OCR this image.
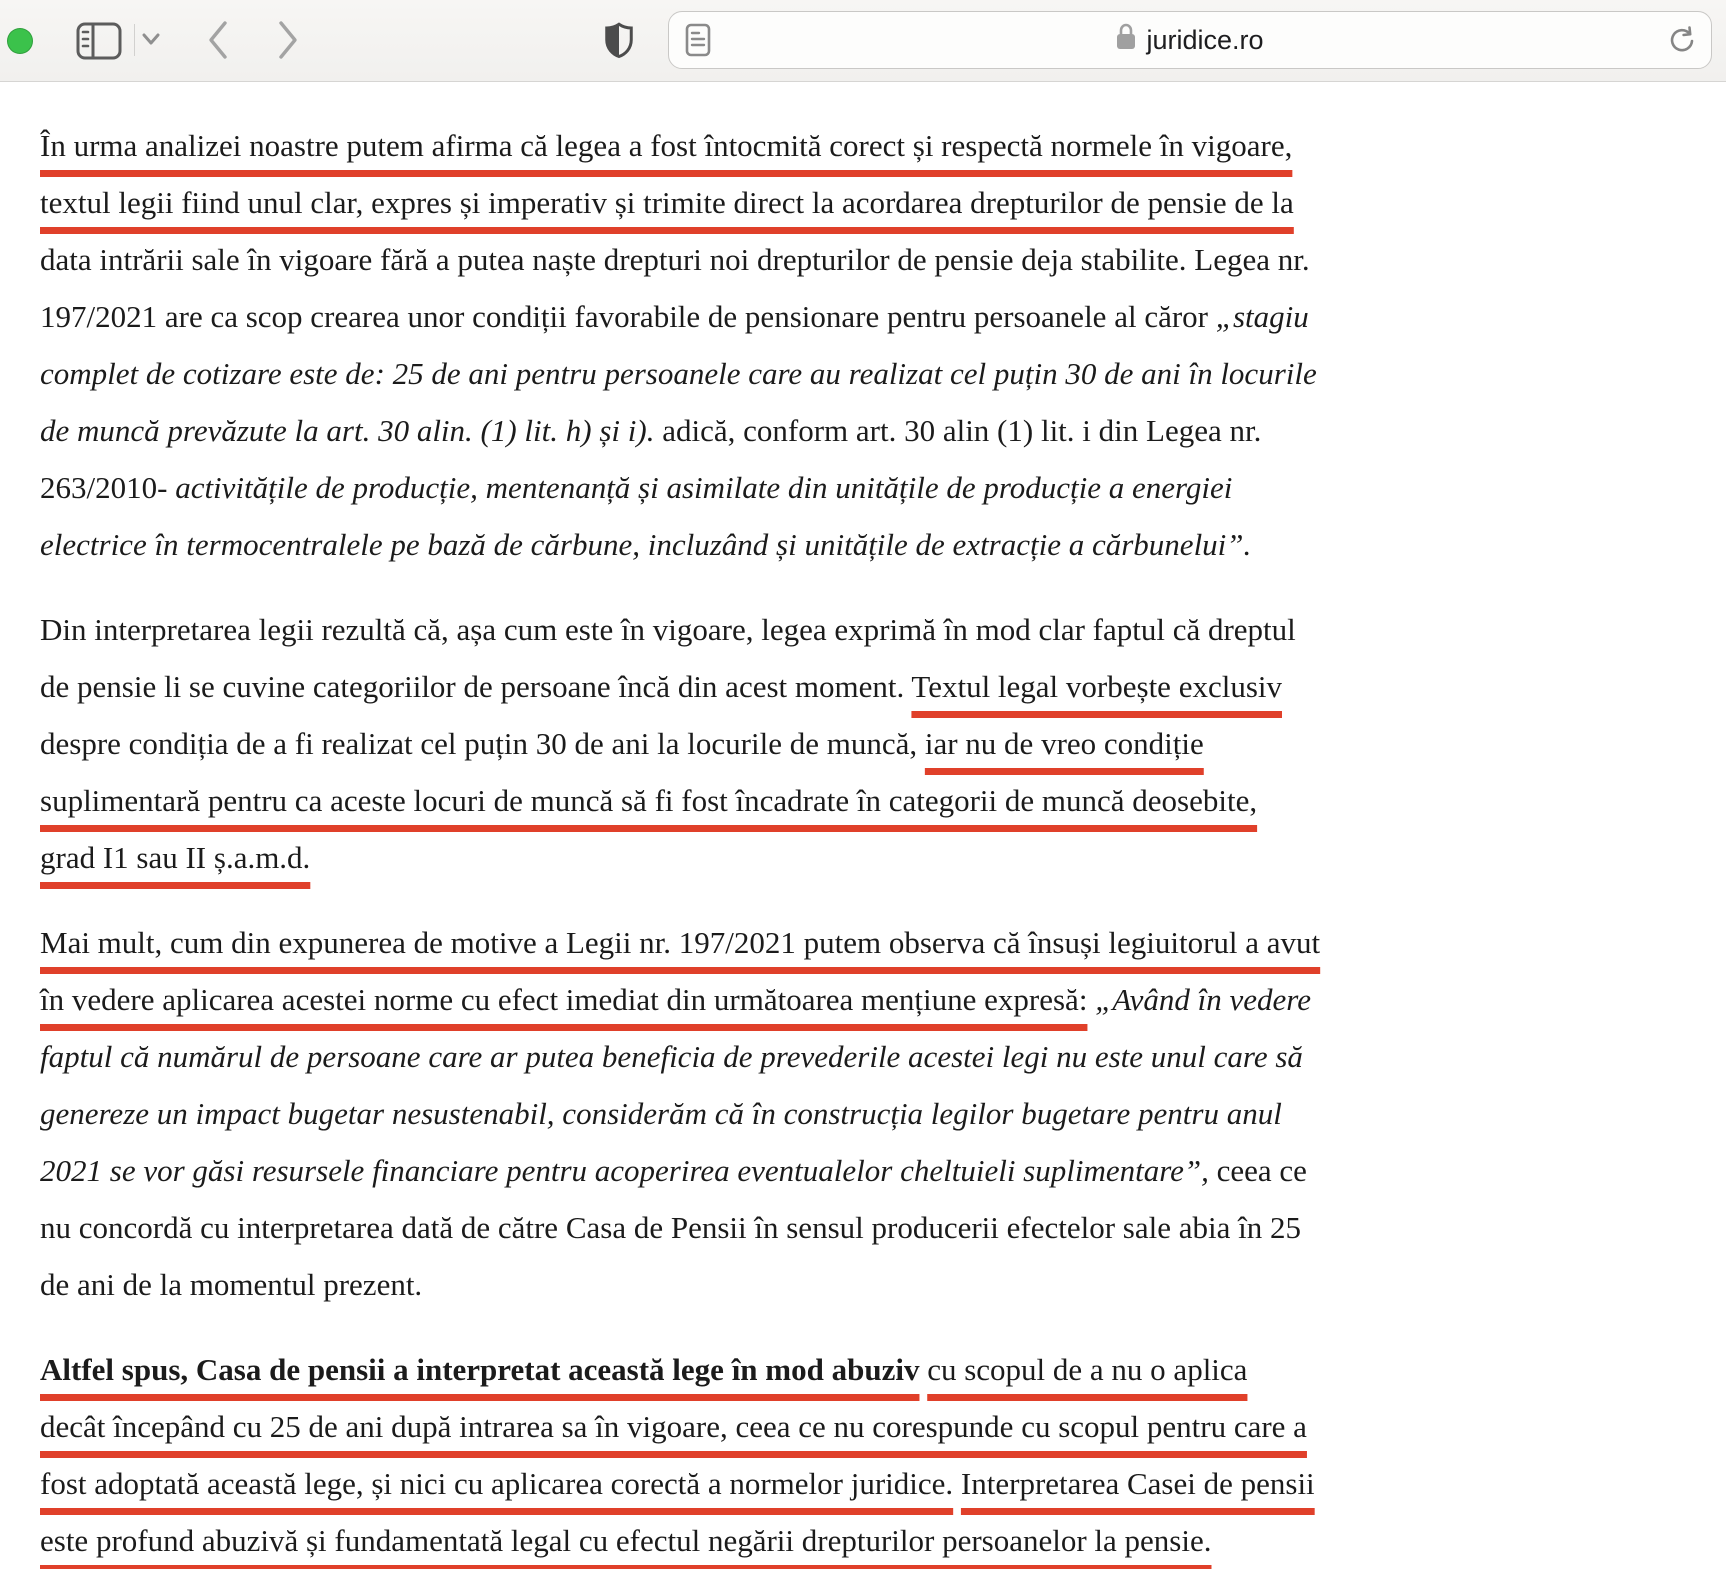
juridice.ro
În urma analizei noastre putem afirma că legea a fost întocmită corect și respectă normele în vigoare,
textul legii fiind unul clar, expres și imperativ și trimite direct la acordarea drepturilor de pensie de la
data intrării sale în vigoare fără a putea naște drepturi noi drepturilor de pensie deja stabilite. Legea nr.
197/2021 are ca scop crearea unor condiții favorabile de pensionare pentru persoanele al căror „stagiu
complet de cotizare este de: 25 de ani pentru persoanele care au realizat cel puțin 30 de ani în locurile
de muncă prevăzute la art. 30 alin. (1) lit. h) și i). adică, conform art. 30 alin (1) lit. i din Legea nr.
263/2010- activitățile de producție, mentenanță și asimilate din unitățile de producție a energiei
electrice în termocentralele pe bază de cărbune, incluzând și unitățile de extracție a cărbunelui”.
Din interpretarea legii rezultă că, așa cum este în vigoare, legea exprimă în mod clar faptul că dreptul
de pensie li se cuvine categoriilor de persoane încă din acest moment. Textul legal vorbește exclusiv
despre condiția de a fi realizat cel puțin 30 de ani la locurile de muncă, iar nu de vreo condiție
suplimentară pentru ca aceste locuri de muncă să fi fost încadrate în categorii de muncă deosebite,
grad I1 sau II ș.a.m.d.
Mai mult, cum din expunerea de motive a Legii nr. 197/2021 putem observa că însuși legiuitorul a avut
în vedere aplicarea acestei norme cu efect imediat din următoarea mențiune expresă: „Având în vedere
faptul că numărul de persoane care ar putea beneficia de prevederile acestei legi nu este unul care să
genereze un impact bugetar nesustenabil, considerăm că în construcția legilor bugetare pentru anul
2021 se vor găsi resursele financiare pentru acoperirea eventualelor cheltuieli suplimentare”, ceea ce
nu concordă cu interpretarea dată de către Casa de Pensii în sensul producerii efectelor sale abia în 25
de ani de la momentul prezent.
Altfel spus, Casa de pensii a interpretat această lege în mod abuziv cu scopul de a nu o aplica
decât începând cu 25 de ani după intrarea sa în vigoare, ceea ce nu corespunde cu scopul pentru care a
fost adoptată această lege, și nici cu aplicarea corectă a normelor juridice. Interpretarea Casei de pensii
este profund abuzivă și fundamentată legal cu efectul negării drepturilor persoanelor la pensie.
